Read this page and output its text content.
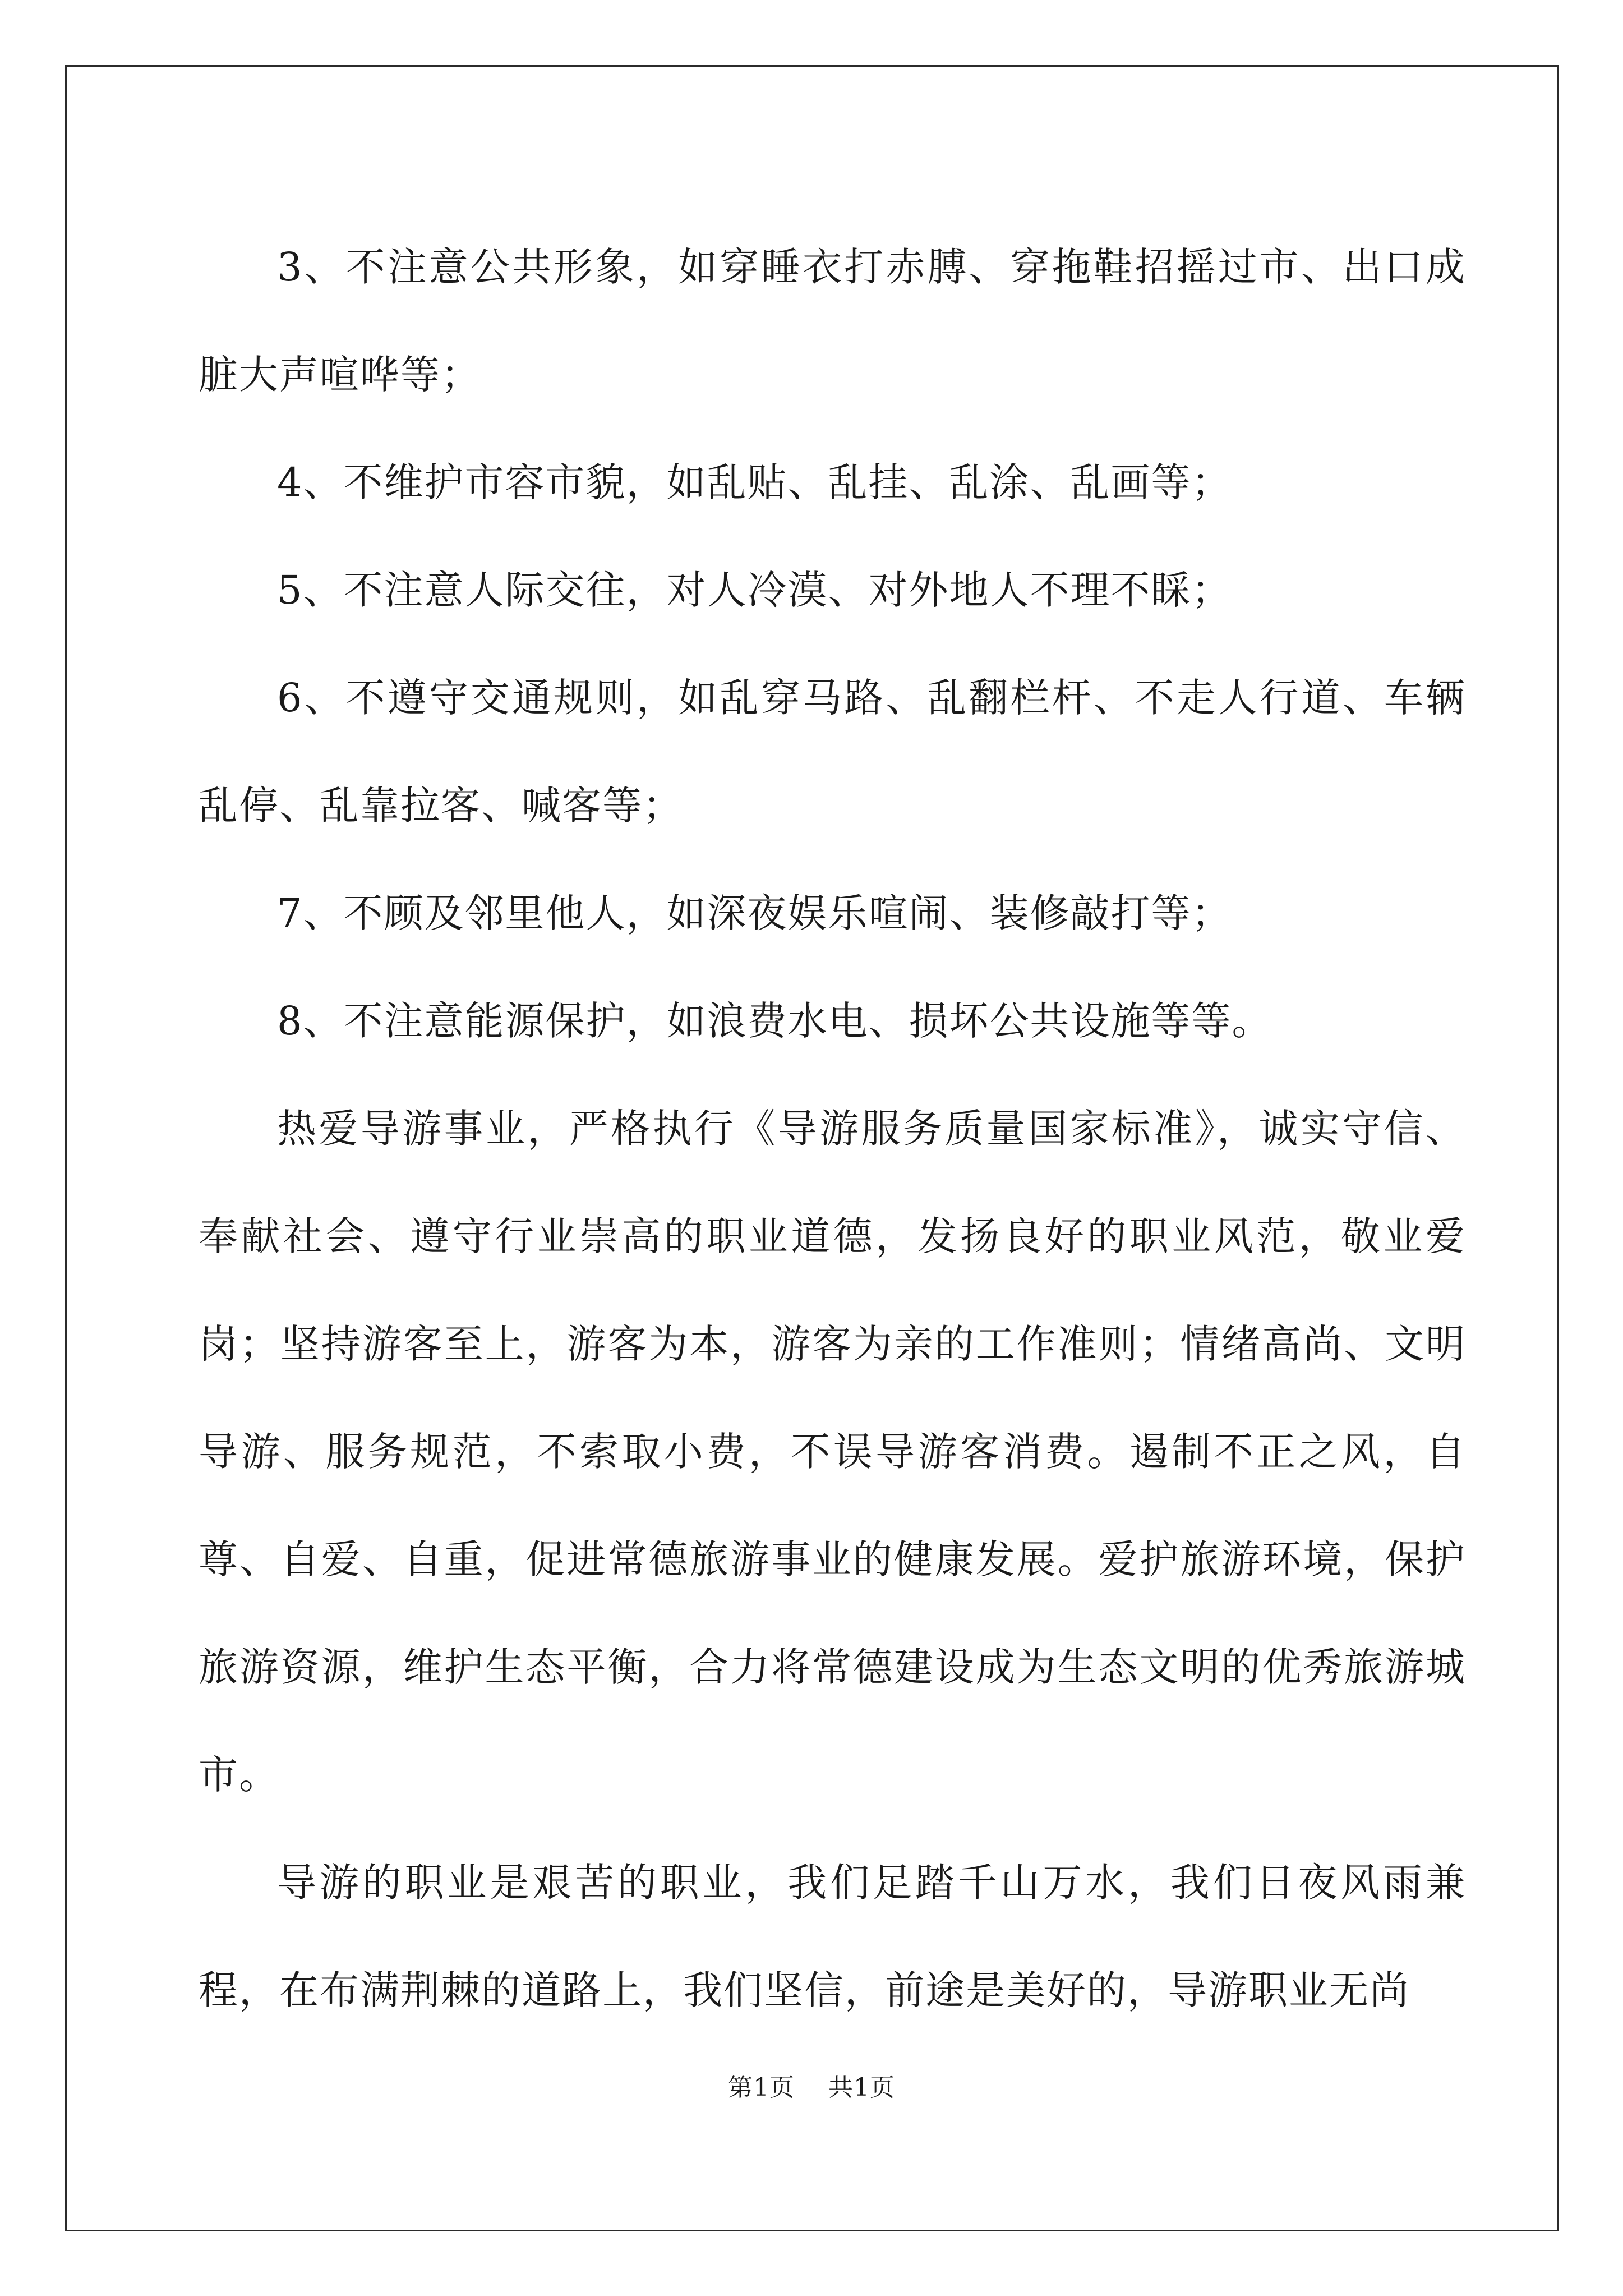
3、不注意公共形象，如穿睡衣打赤膊、穿拖鞋招摇过市、出口成脏大声喧哗等；

4、不维护市容市貌，如乱贴、乱挂、乱涂、乱画等；

5、不注意人际交往，对人冷漠、对外地人不理不睬；

6、不遵守交通规则，如乱穿马路、乱翻栏杆、不走人行道、车辆乱停、乱靠拉客、喊客等；

7、不顾及邻里他人，如深夜娱乐喧闹、装修敲打等；

8、不注意能源保护，如浪费水电、损坏公共设施等等。

热爱导游事业，严格执行《导游服务质量国家标准》，诚实守信、奉献社会、遵守行业崇高的职业道德，发扬良好的职业风范，敬业爱岗；坚持游客至上，游客为本，游客为亲的工作准则；情绪高尚、文明导游、服务规范，不索取小费，不误导游客消费。遏制不正之风，自尊、自爱、自重，促进常德旅游事业的健康发展。爱护旅游环境，保护旅游资源，维护生态平衡，合力将常德建设成为生态文明的优秀旅游城市。

导游的职业是艰苦的职业，我们足踏千山万水，我们日夜风雨兼程，在布满荆棘的道路上，我们坚信，前途是美好的，导游职业无尚

第1页 共1页
